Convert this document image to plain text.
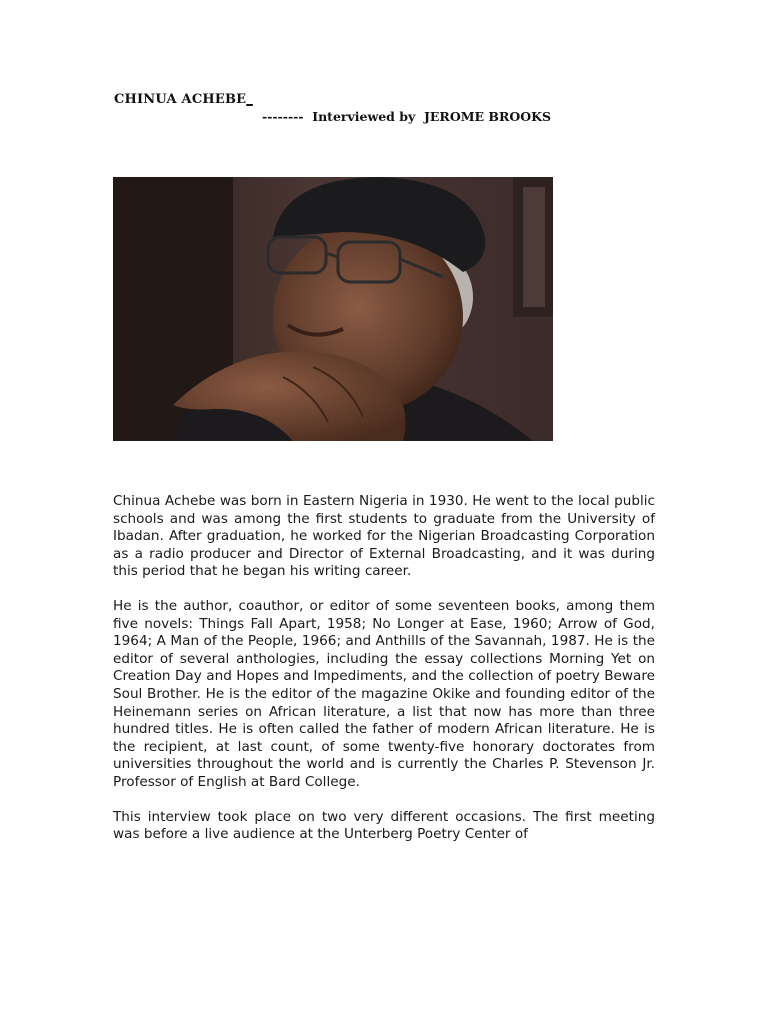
CHINUA ACHEBE_
-------- Interviewed by JEROME BROOKS

Chinua Achebe was born in Eastern Nigeria in 1930. He went to the local public schools and was among the first students to graduate from the University of Ibadan. After graduation, he worked for the Nigerian Broadcasting Corporation as a radio producer and Director of External Broadcasting, and it was during this period that he began his writing career.

He is the author, coauthor, or editor of some seventeen books, among them five novels: Things Fall Apart, 1958; No Longer at Ease, 1960; Arrow of God, 1964; A Man of the People, 1966; and Anthills of the Savannah, 1987. He is the editor of several anthologies, including the essay collections Morning Yet on Creation Day and Hopes and Impediments, and the collection of poetry Beware Soul Brother. He is the editor of the magazine Okike and founding editor of the Heinemann series on African literature, a list that now has more than three hundred titles. He is often called the father of modern African literature. He is the recipient, at last count, of some twenty-five honorary doctorates from universities throughout the world and is currently the Charles P. Stevenson Jr. Professor of English at Bard College.

This interview took place on two very different occasions. The first meeting was before a live audience at the Unterberg Poetry Center of
